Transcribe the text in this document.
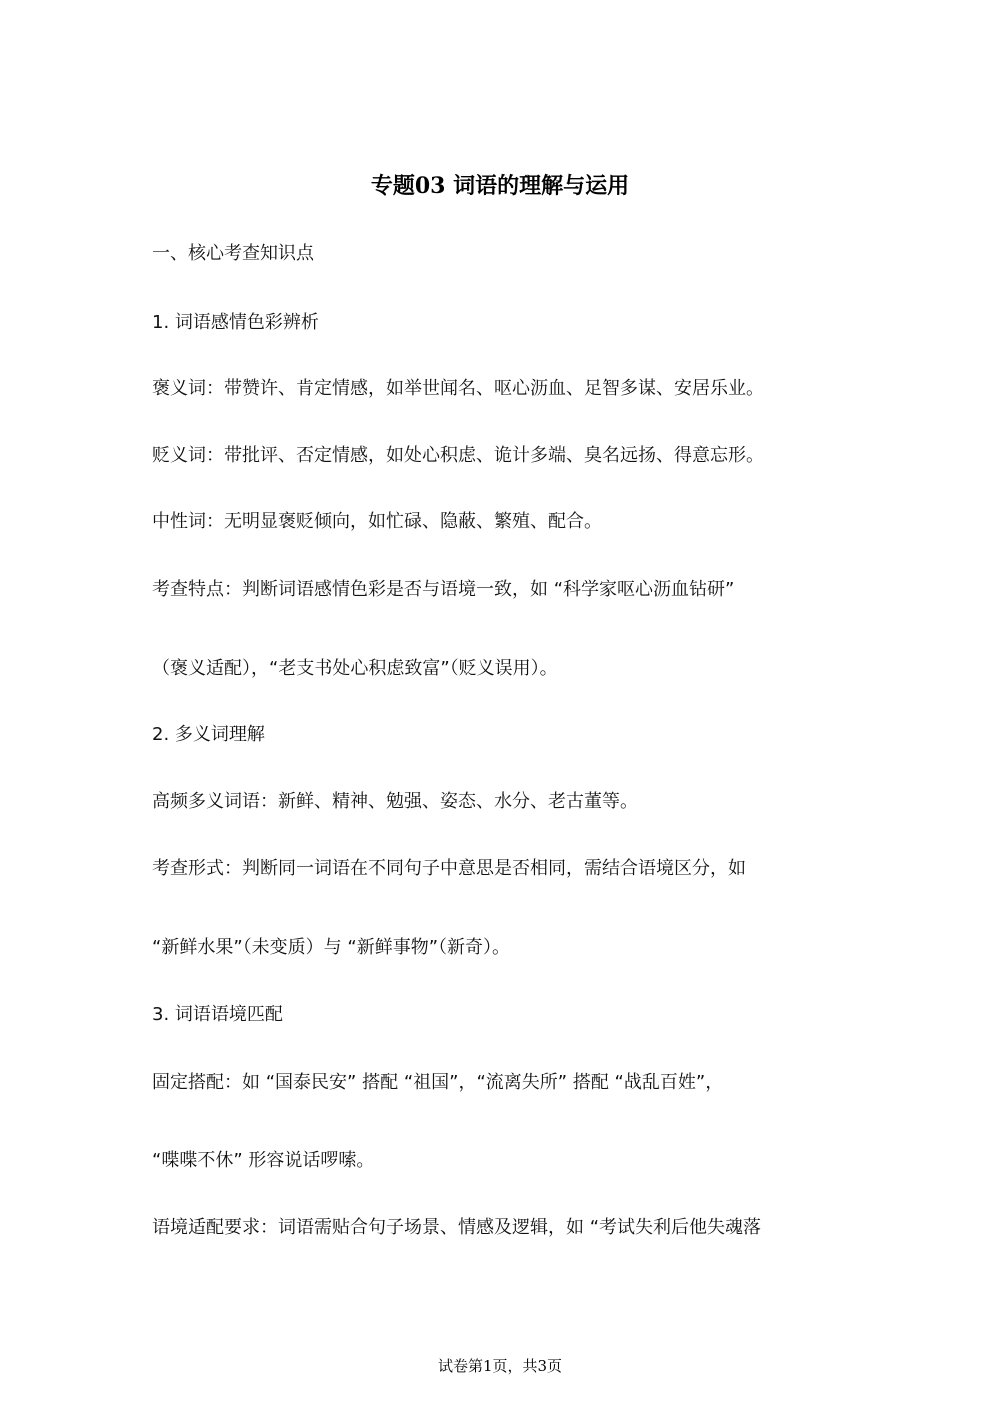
专题03 词语的理解与运用
一、核心考查知识点
1. 词语感情色彩辨析
褒义词：带赞许、肯定情感，如举世闻名、呕心沥血、足智多谋、安居乐业。
贬义词：带批评、否定情感，如处心积虑、诡计多端、臭名远扬、得意忘形。
中性词：无明显褒贬倾向，如忙碌、隐蔽、繁殖、配合。
考查特点：判断词语感情色彩是否与语境一致，如 “科学家呕心沥血钻研”
（褒义适配），“老支书处心积虑致富”（贬义误用）。
2. 多义词理解
高频多义词语：新鲜、精神、勉强、姿态、水分、老古董等。
考查形式：判断同一词语在不同句子中意思是否相同，需结合语境区分，如
“新鲜水果”（未变质）与 “新鲜事物”（新奇）。
3. 词语语境匹配
固定搭配：如 “国泰民安” 搭配 “祖国”，“流离失所” 搭配 “战乱百姓”，
“喋喋不休” 形容说话啰嗦。
语境适配要求：词语需贴合句子场景、情感及逻辑，如 “考试失利后他失魂落
试卷第1页，共3页
